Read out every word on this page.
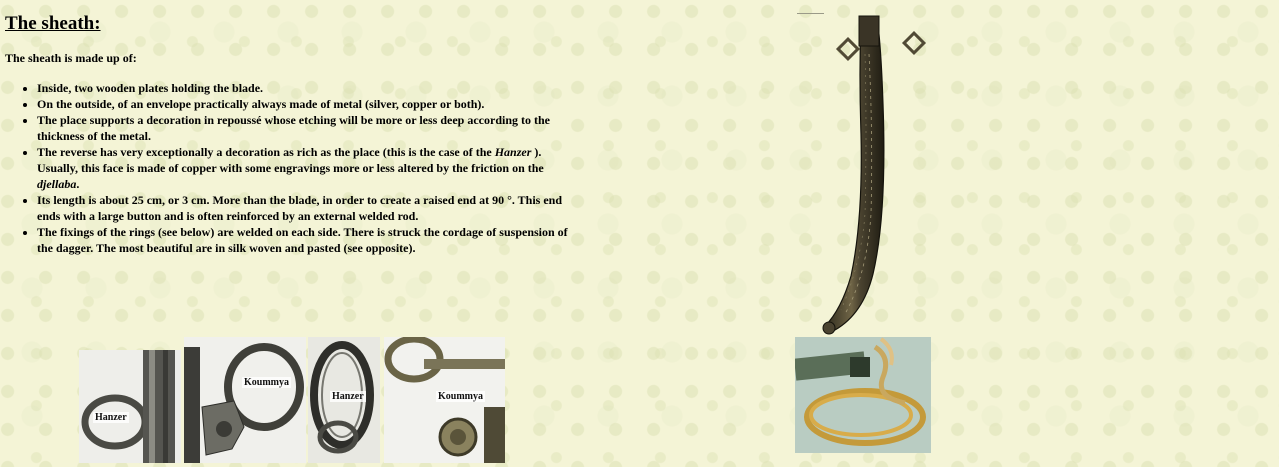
The sheath:

The sheath is made up of:

• Inside, two wooden plates holding the blade.
• On the outside, of an envelope practically always made of metal (silver, copper or both).
• The place supports a decoration in repoussé whose etching will be more or less deep according to the thickness of the metal.
• The reverse has very exceptionally a decoration as rich as the place (this is the case of the Hanzer ). Usually, this face is made of copper with some engravings more or less altered by the friction on the djellaba.
• Its length is about 25 cm, or 3 cm. More than the blade, in order to create a raised end at 90 °. This end ends with a large button and is often reinforced by an external welded rod.
• The fixings of the rings (see below) are welded on each side. There is struck the cordage of suspension of the dagger. The most beautiful are in silk woven and pasted (see opposite).
Hanzer
Koummya
Hanzer	Koummya
